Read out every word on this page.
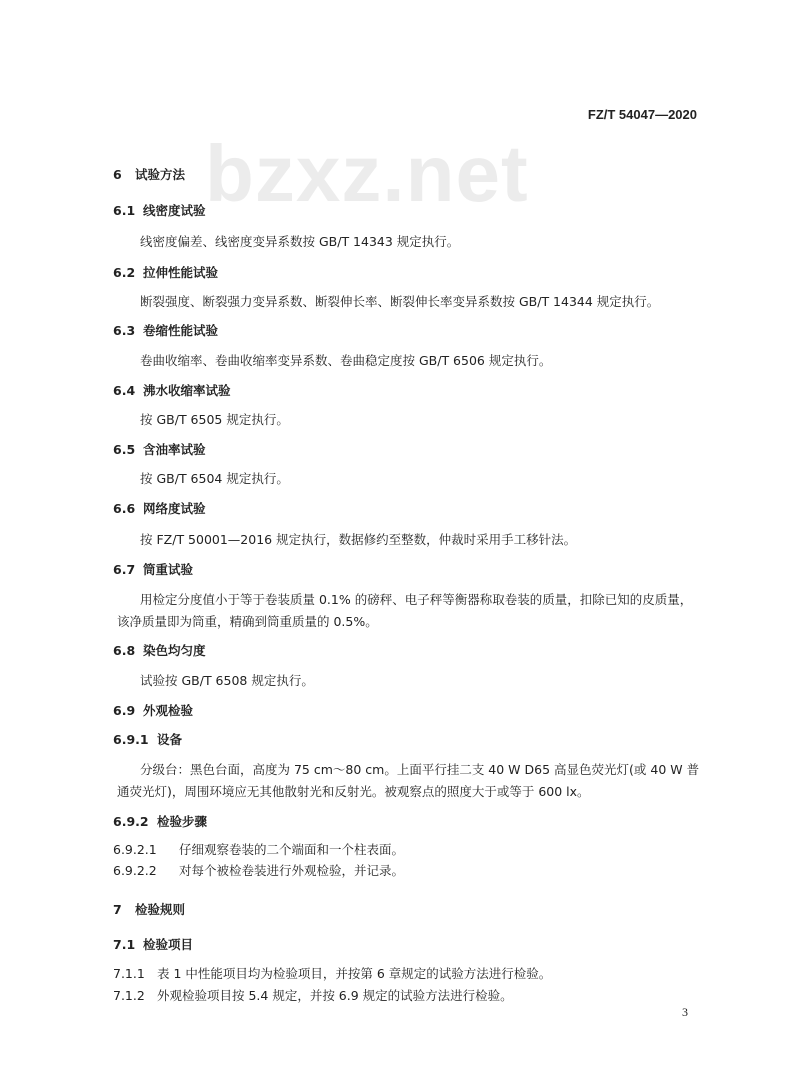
FZ/T 54047—2020
bzxz.net
6 试验方法
6.1 线密度试验
线密度偏差、线密度变异系数按 GB/T 14343 规定执行。
6.2 拉伸性能试验
断裂强度、断裂强力变异系数、断裂伸长率、断裂伸长率变异系数按 GB/T 14344 规定执行。
6.3 卷缩性能试验
卷曲收缩率、卷曲收缩率变异系数、卷曲稳定度按 GB/T 6506 规定执行。
6.4 沸水收缩率试验
按 GB/T 6505 规定执行。
6.5 含油率试验
按 GB/T 6504 规定执行。
6.6 网络度试验
按 FZ/T 50001—2016 规定执行，数据修约至整数，仲裁时采用手工移针法。
6.7 筒重试验
用检定分度值小于等于卷装质量 0.1% 的磅秤、电子秤等衡器称取卷装的质量，扣除已知的皮质量，
该净质量即为筒重，精确到筒重质量的 0.5%。
6.8 染色均匀度
试验按 GB/T 6508 规定执行。
6.9 外观检验
6.9.1 设备
分级台：黑色台面，高度为 75 cm～80 cm。上面平行挂二支 40 W D65 高显色荧光灯(或 40 W 普
通荧光灯)，周围环境应无其他散射光和反射光。被观察点的照度大于或等于 600 lx。
6.9.2 检验步骤
6.9.2.1 仔细观察卷装的二个端面和一个柱表面。
6.9.2.2 对每个被检卷装进行外观检验，并记录。
7 检验规则
7.1 检验项目
7.1.1 表 1 中性能项目均为检验项目，并按第 6 章规定的试验方法进行检验。
7.1.2 外观检验项目按 5.4 规定，并按 6.9 规定的试验方法进行检验。
3
